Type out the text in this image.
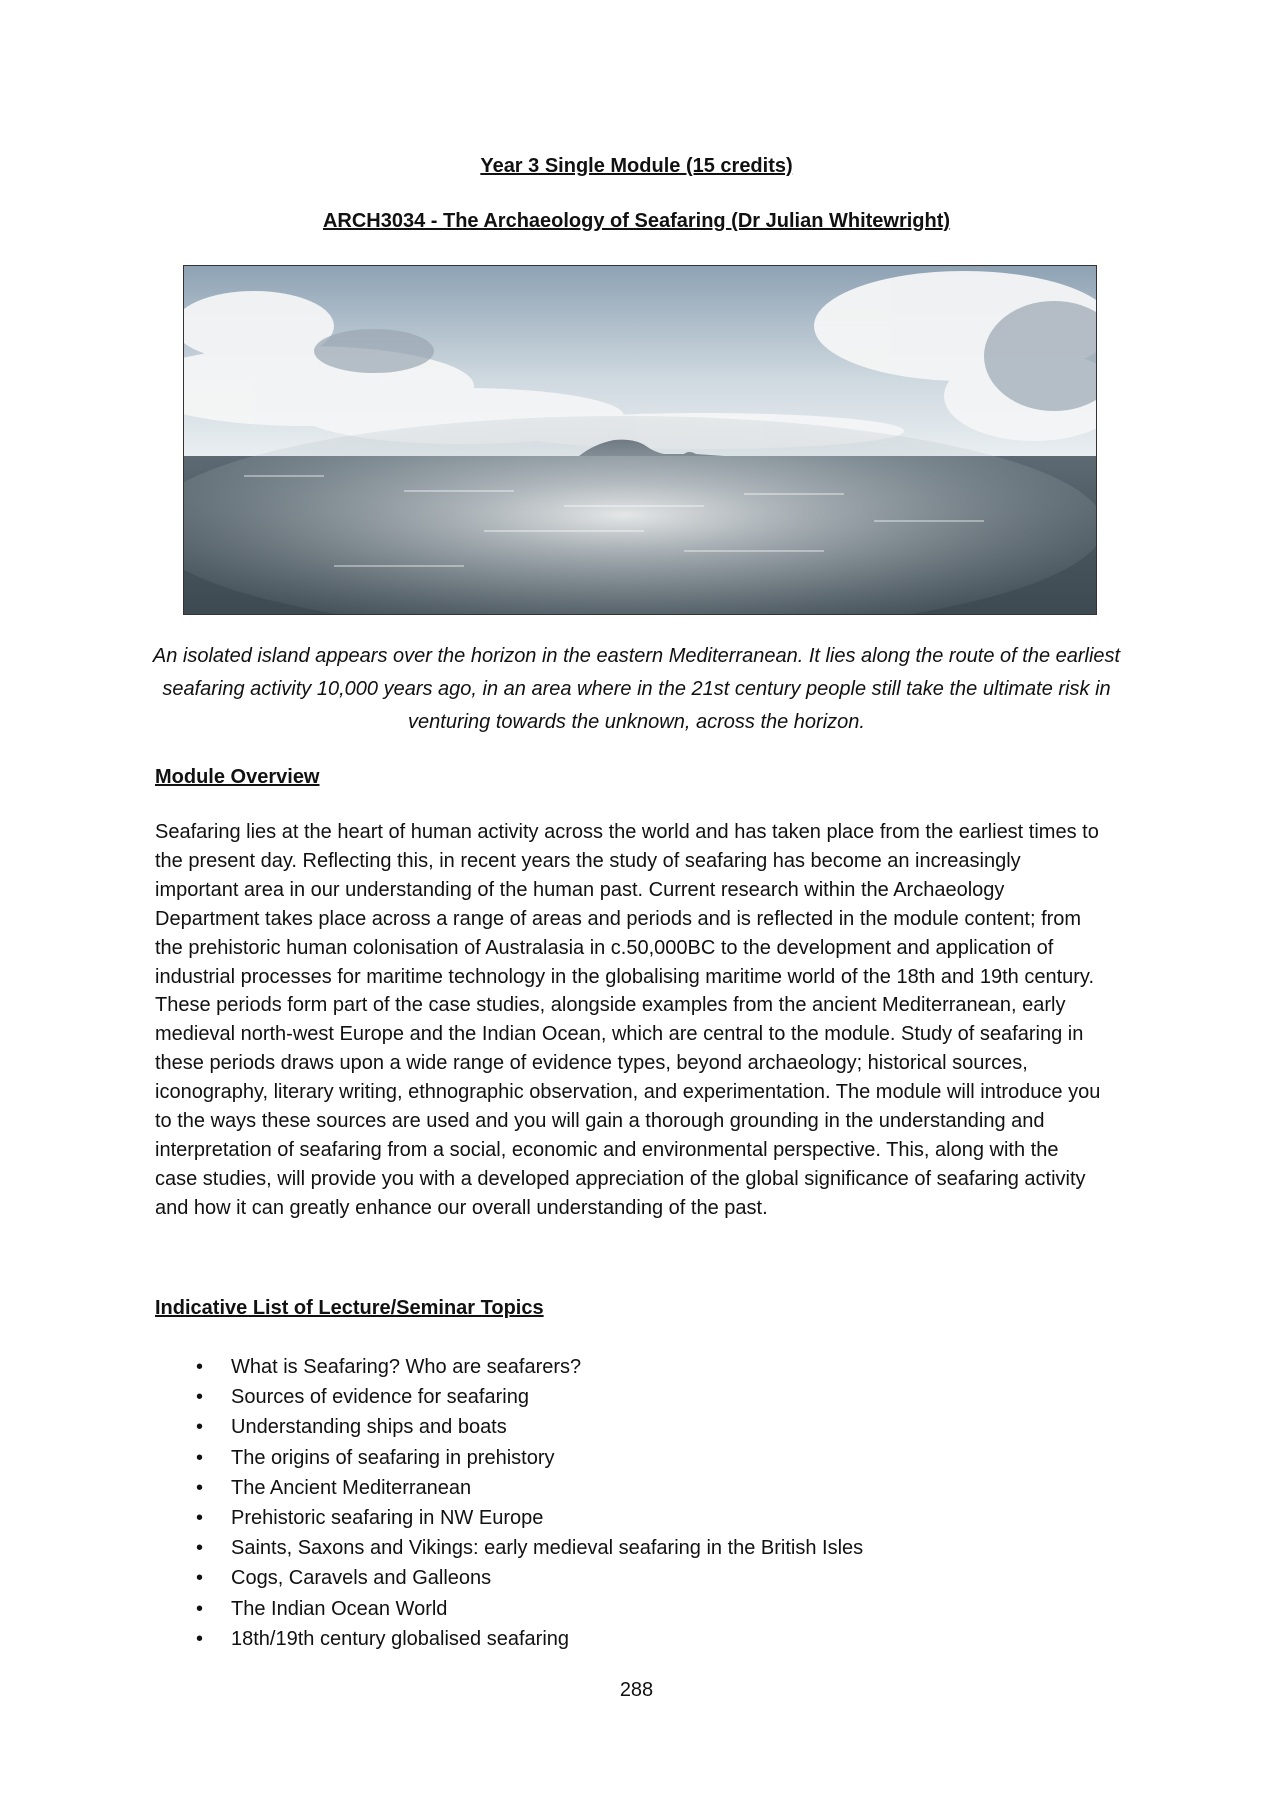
Year 3 Single Module (15 credits)
ARCH3034 - The Archaeology of Seafaring (Dr Julian Whitewright)
An isolated island appears over the horizon in the eastern Mediterranean. It lies along the route of the earliest seafaring activity 10,000 years ago, in an area where in the 21st century people still take the ultimate risk in venturing towards the unknown, across the horizon.
Module Overview
Seafaring lies at the heart of human activity across the world and has taken place from the earliest times to the present day. Reflecting this, in recent years the study of seafaring has become an increasingly important area in our understanding of the human past. Current research within the Archaeology Department takes place across a range of areas and periods and is reflected in the module content; from the prehistoric human colonisation of Australasia in c.50,000BC to the development and application of industrial processes for maritime technology in the globalising maritime world of the 18th and 19th century. These periods form part of the case studies, alongside examples from the ancient Mediterranean, early medieval north-west Europe and the Indian Ocean, which are central to the module. Study of seafaring in these periods draws upon a wide range of evidence types, beyond archaeology; historical sources, iconography, literary writing, ethnographic observation, and experimentation. The module will introduce you to the ways these sources are used and you will gain a thorough grounding in the understanding and interpretation of seafaring from a social, economic and environmental perspective. This, along with the case studies, will provide you with a developed appreciation of the global significance of seafaring activity and how it can greatly enhance our overall understanding of the past.
Indicative List of Lecture/Seminar Topics
• What is Seafaring? Who are seafarers?
• Sources of evidence for seafaring
• Understanding ships and boats
• The origins of seafaring in prehistory
• The Ancient Mediterranean
• Prehistoric seafaring in NW Europe
• Saints, Saxons and Vikings: early medieval seafaring in the British Isles
• Cogs, Caravels and Galleons
• The Indian Ocean World
• 18th/19th century globalised seafaring
288
